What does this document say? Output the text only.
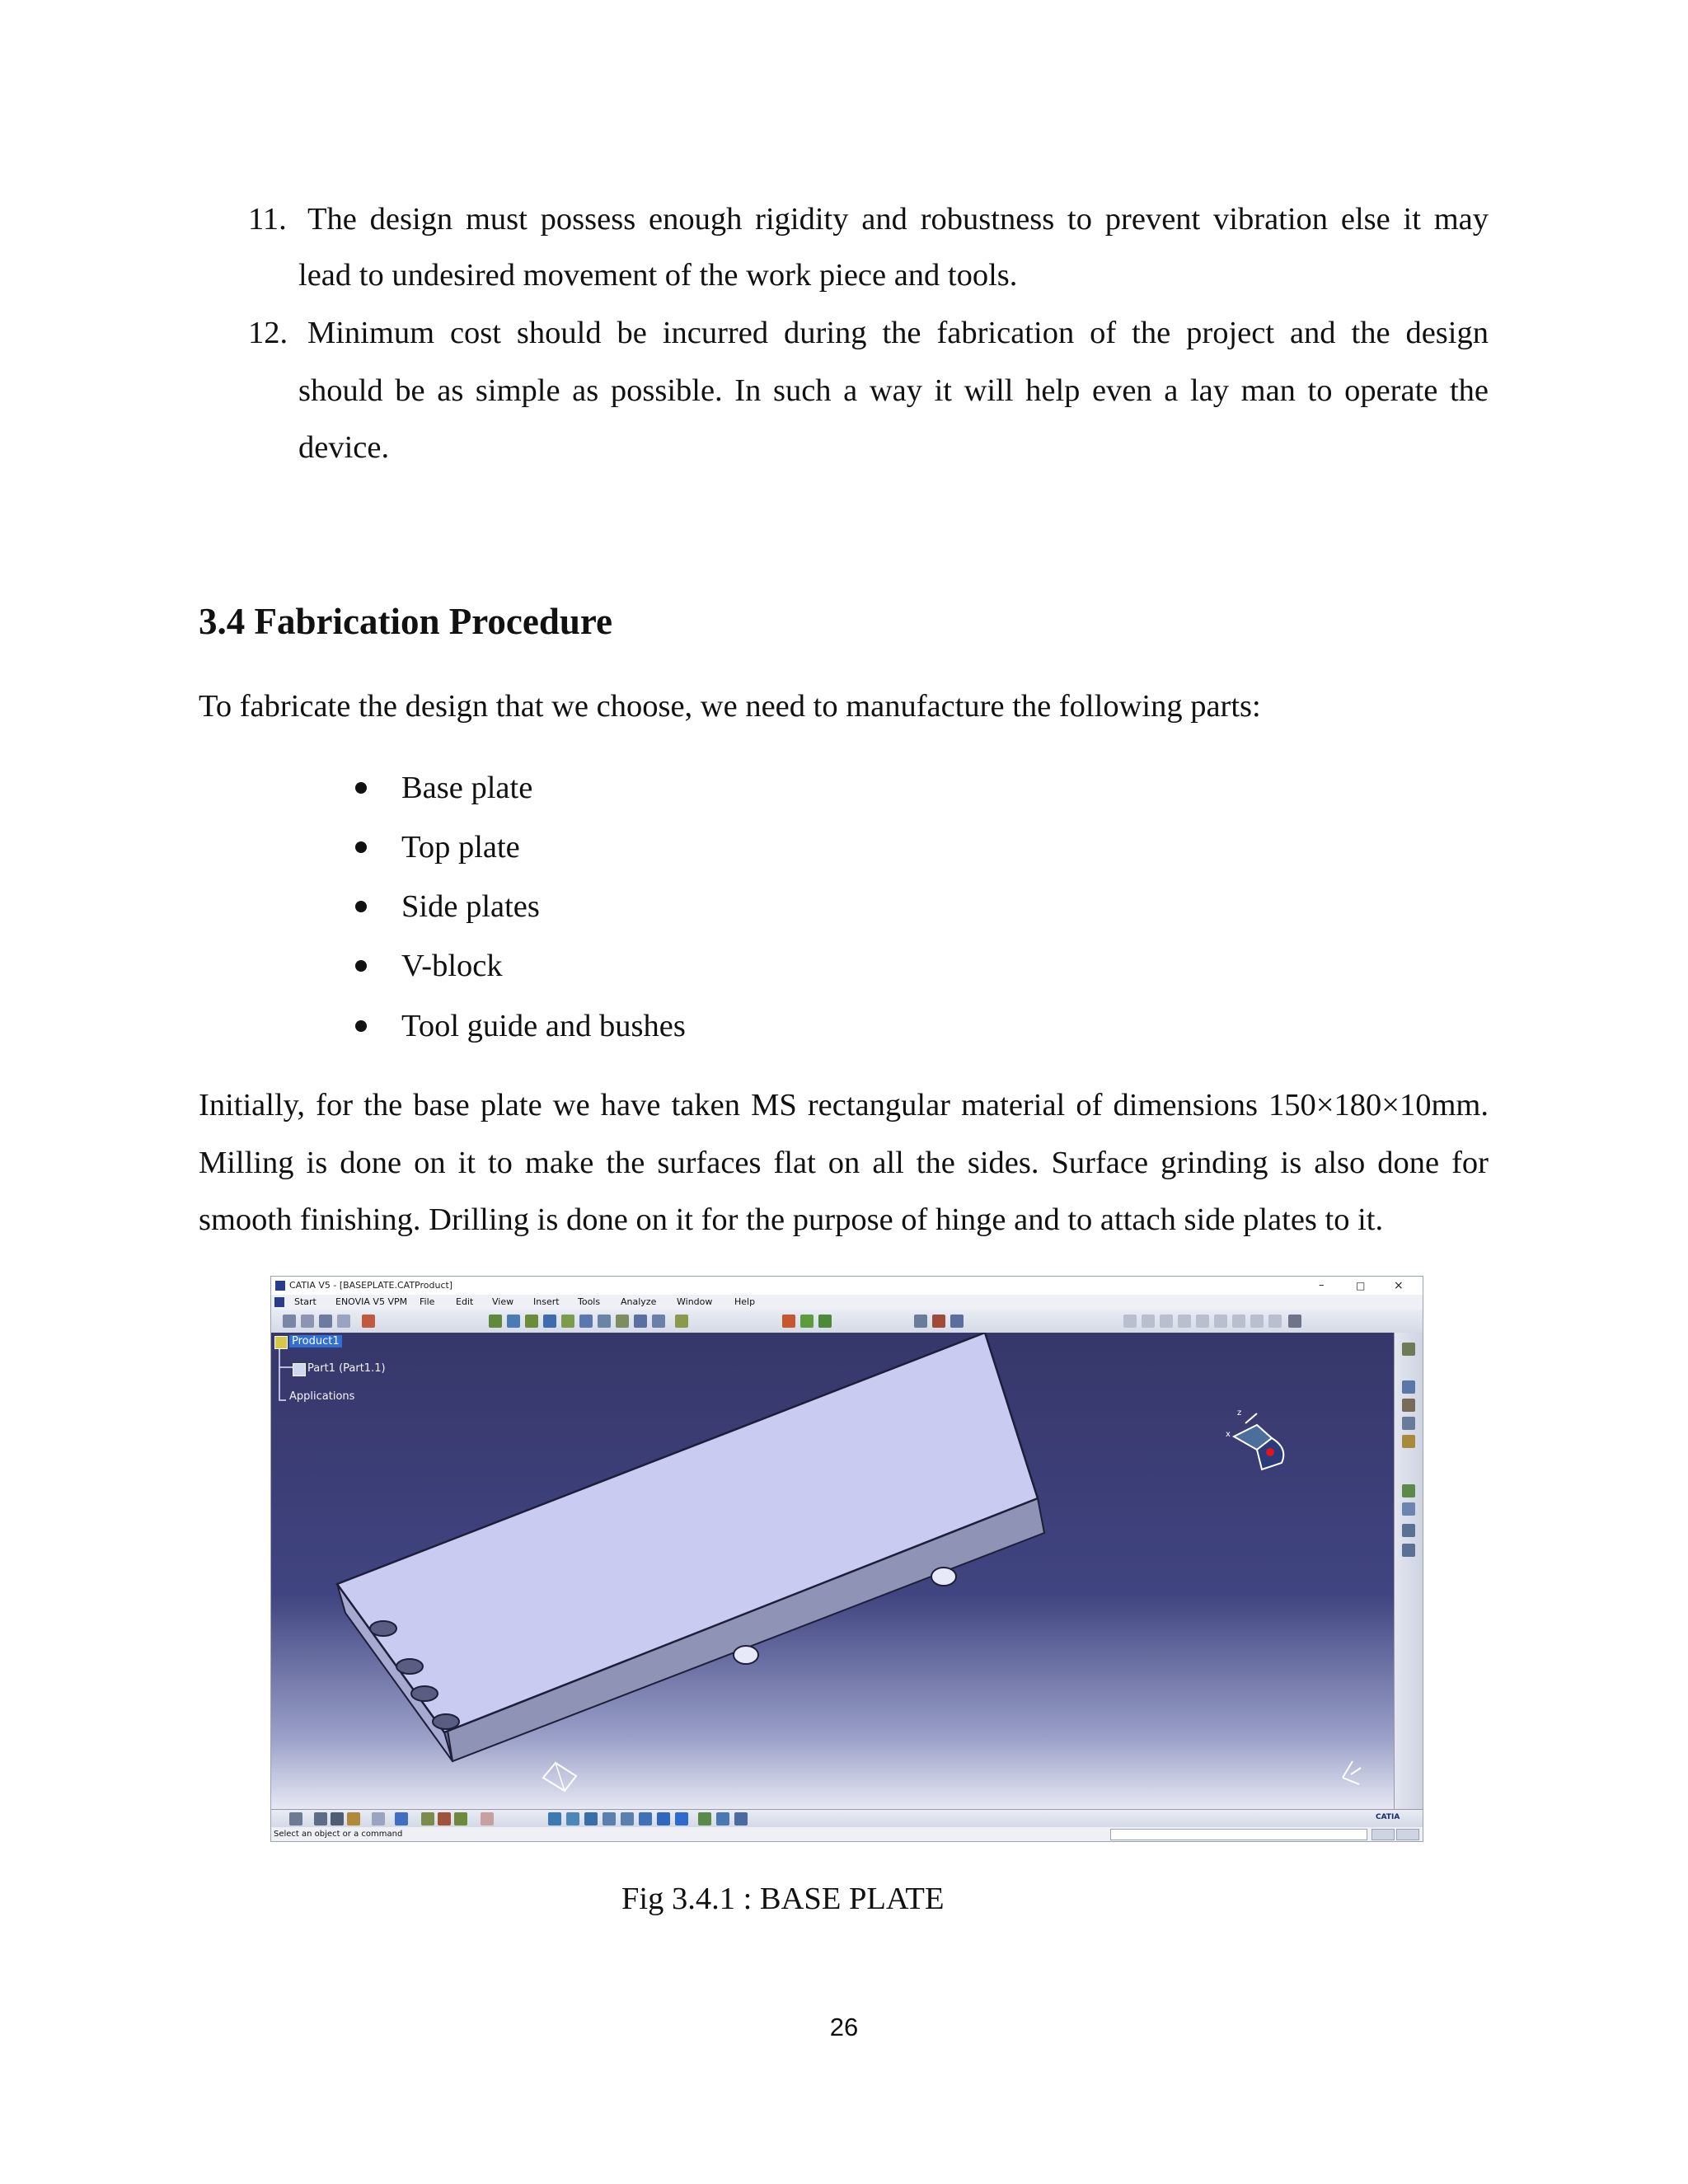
11. The design must possess enough rigidity and robustness to prevent vibration else it may
lead to undesired movement of the work piece and tools.
12. Minimum cost should be incurred during the fabrication of the project and the design
should be as simple as possible. In such a way it will help even a lay man to operate the
device.
3.4 Fabrication Procedure
To fabricate the design that we choose, we need to manufacture the following parts:
Base plate
Top plate
Side plates
V-block
Tool guide and bushes
Initially, for the base plate we have taken MS rectangular material of dimensions 150×180×10mm.
Milling is done on it to make the surfaces flat on all the sides. Surface grinding is also done for
smooth finishing. Drilling is done on it for the purpose of hinge and to attach side plates to it.
CATIA V5 - [BASEPLATE.CATProduct]	–	□ ×
Start ENOVIA V5 VPM File Edit View Insert Tools Analyze Window Help
Product1
Part1 (Part1.1)
Applications
z
x
CATIA
Select an object or a command
Fig 3.4.1 : BASE PLATE
26
